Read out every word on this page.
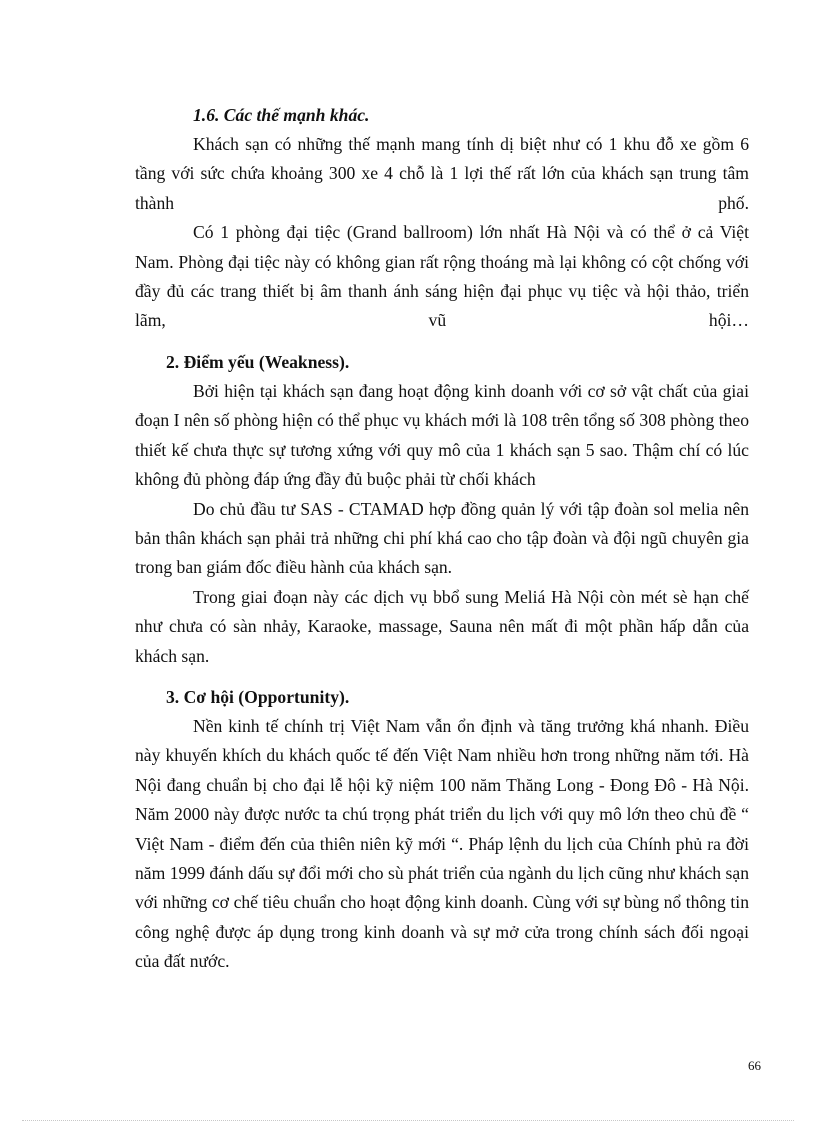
1.6. Các thế mạnh khác.

Khách sạn có những thế mạnh mang tính dị biệt như có 1 khu đỗ xe gồm 6 tầng với sức chứa khoảng 300 xe 4 chỗ là 1 lợi thế rất lớn của khách sạn trung tâm thành phố.

Có 1 phòng đại tiệc (Grand ballroom) lớn nhất Hà Nội và có thể ở cả Việt Nam. Phòng đại tiệc này có không gian rất rộng thoáng mà lại không có cột chống với đầy đủ các trang thiết bị âm thanh ánh sáng hiện đại phục vụ tiệc và hội thảo, triển lãm, vũ hội…

2. Điểm yếu (Weakness).

Bởi hiện tại khách sạn đang hoạt động kinh doanh với cơ sở vật chất của giai đoạn I nên số phòng hiện có thể phục vụ khách mới là 108 trên tổng số 308 phòng theo thiết kế chưa thực sự tương xứng với quy mô của 1 khách sạn 5 sao. Thậm chí có lúc không đủ phòng đáp ứng đầy đủ buộc phải từ chối khách

Do chủ đầu tư SAS - CTAMAD hợp đồng quản lý với tập đoàn sol melia nên bản thân khách sạn phải trả những chi phí khá cao cho tập đoàn và đội ngũ chuyên gia trong ban giám đốc điều hành của khách sạn.

Trong giai đoạn này các dịch vụ bbổ sung Meliá Hà Nội còn mét sè hạn chế như chưa có sàn nhảy, Karaoke, massage, Sauna nên mất đi một phần hấp dẫn của khách sạn.

3. Cơ hội (Opportunity).

Nền kinh tế chính trị Việt Nam vẫn ổn định và tăng trưởng khá nhanh. Điều này khuyến khích du khách quốc tế đến Việt Nam nhiều hơn trong những năm tới. Hà Nội đang chuẩn bị cho đại lễ hội kỹ niệm 100 năm Thăng Long - Đong Đô - Hà Nội. Năm 2000 này được nước ta chú trọng phát triển du lịch với quy mô lớn theo chủ đề “ Việt Nam - điểm đến của thiên niên kỹ mới “. Pháp lệnh du lịch của Chính phủ ra đời năm 1999 đánh dấu sự đổi mới cho sù phát triển của ngành du lịch cũng như khách sạn với những cơ chế tiêu chuẩn cho hoạt động kinh doanh. Cùng với sự bùng nổ thông tin công nghệ được áp dụng trong kinh doanh và sự mở cửa trong chính sách đối ngoại của đất nước.

66
